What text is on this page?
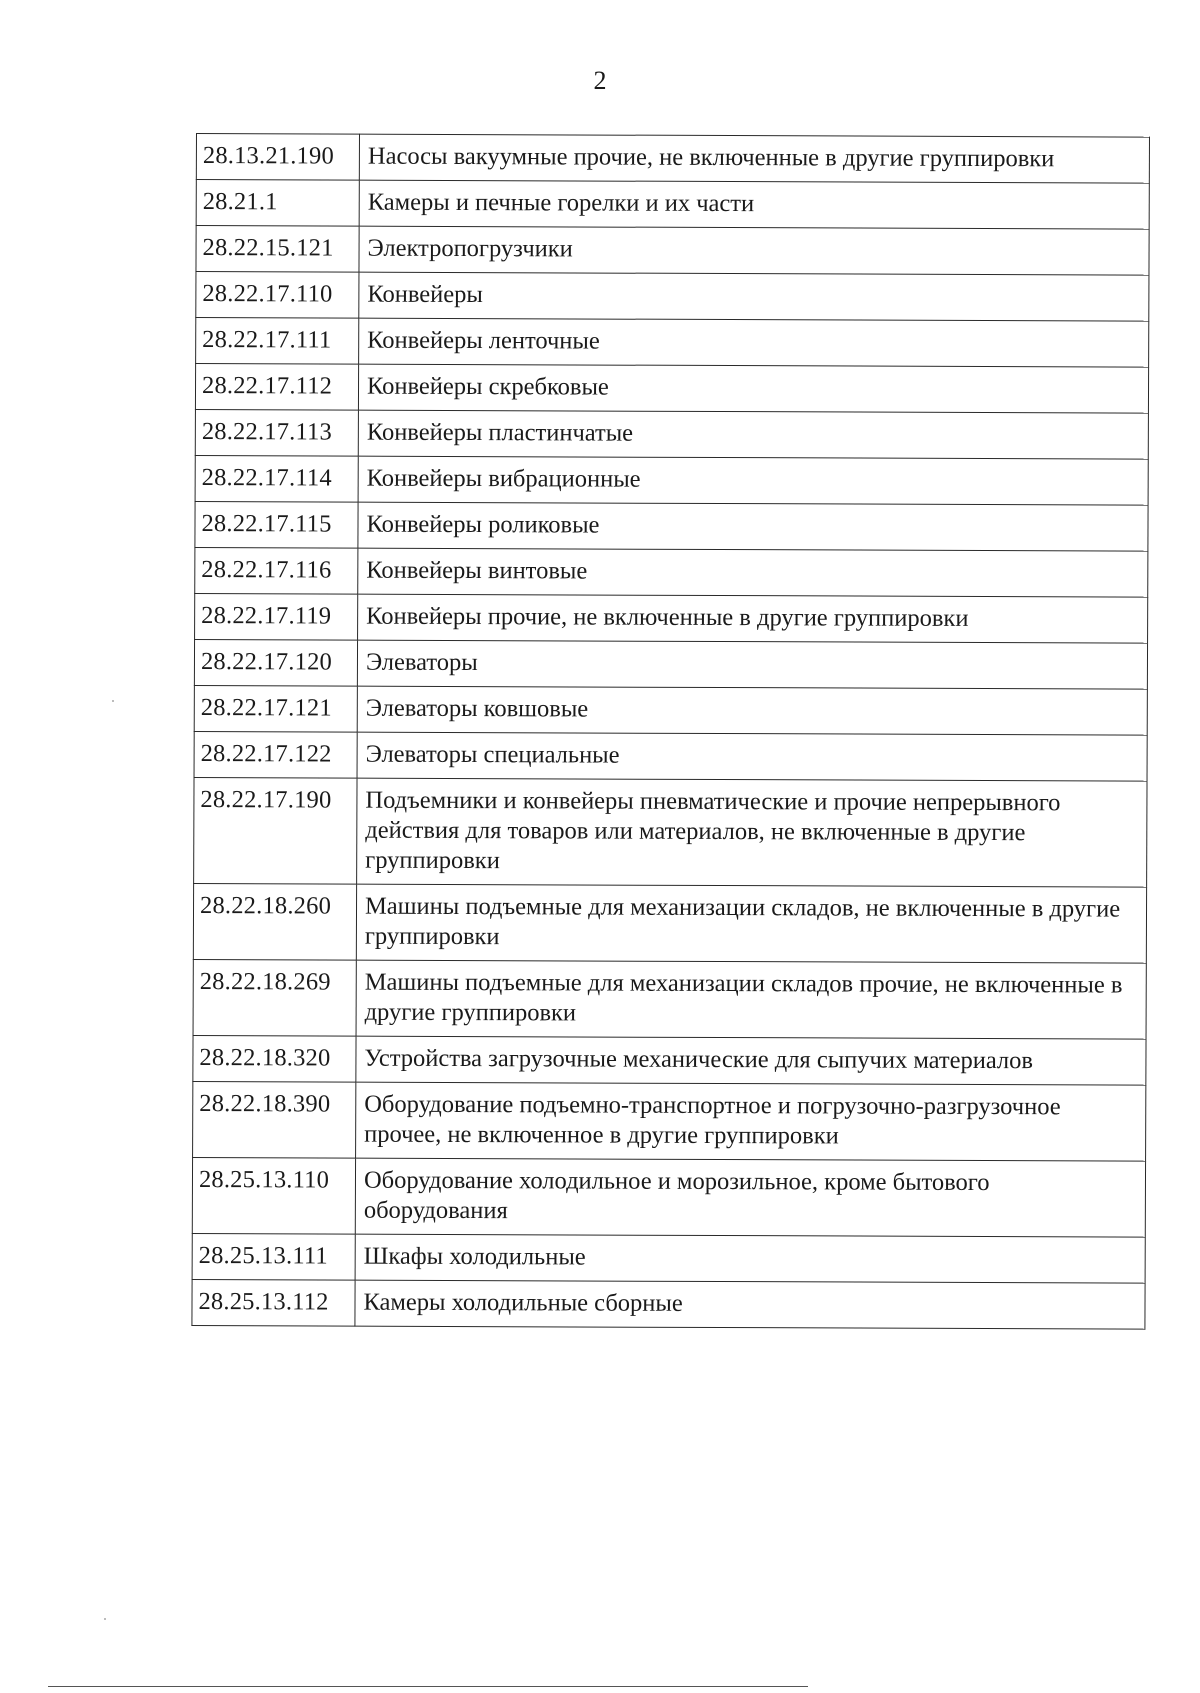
2
28.13.21.190	Насосы вакуумные прочие, не включенные в другие группировки
28.21.1	Камеры и печные горелки и их части
28.22.15.121	Электропогрузчики
28.22.17.110	Конвейеры
28.22.17.111	Конвейеры ленточные
28.22.17.112	Конвейеры скребковые
28.22.17.113	Конвейеры пластинчатые
28.22.17.114	Конвейеры вибрационные
28.22.17.115	Конвейеры роликовые
28.22.17.116	Конвейеры винтовые
28.22.17.119	Конвейеры прочие, не включенные в другие группировки
28.22.17.120	Элеваторы
28.22.17.121	Элеваторы ковшовые
28.22.17.122	Элеваторы специальные
28.22.17.190	Подъемники и конвейеры пневматические и прочие непрерывного действия для товаров или материалов, не включенные в другие группировки
28.22.18.260	Машины подъемные для механизации складов, не включенные в другие группировки
28.22.18.269	Машины подъемные для механизации складов прочие, не включенные в другие группировки
28.22.18.320	Устройства загрузочные механические для сыпучих материалов
28.22.18.390	Оборудование подъемно-транспортное и погрузочно-разгрузочное прочее, не включенное в другие группировки
28.25.13.110	Оборудование холодильное и морозильное, кроме бытового оборудования
28.25.13.111	Шкафы холодильные
28.25.13.112	Камеры холодильные сборные
